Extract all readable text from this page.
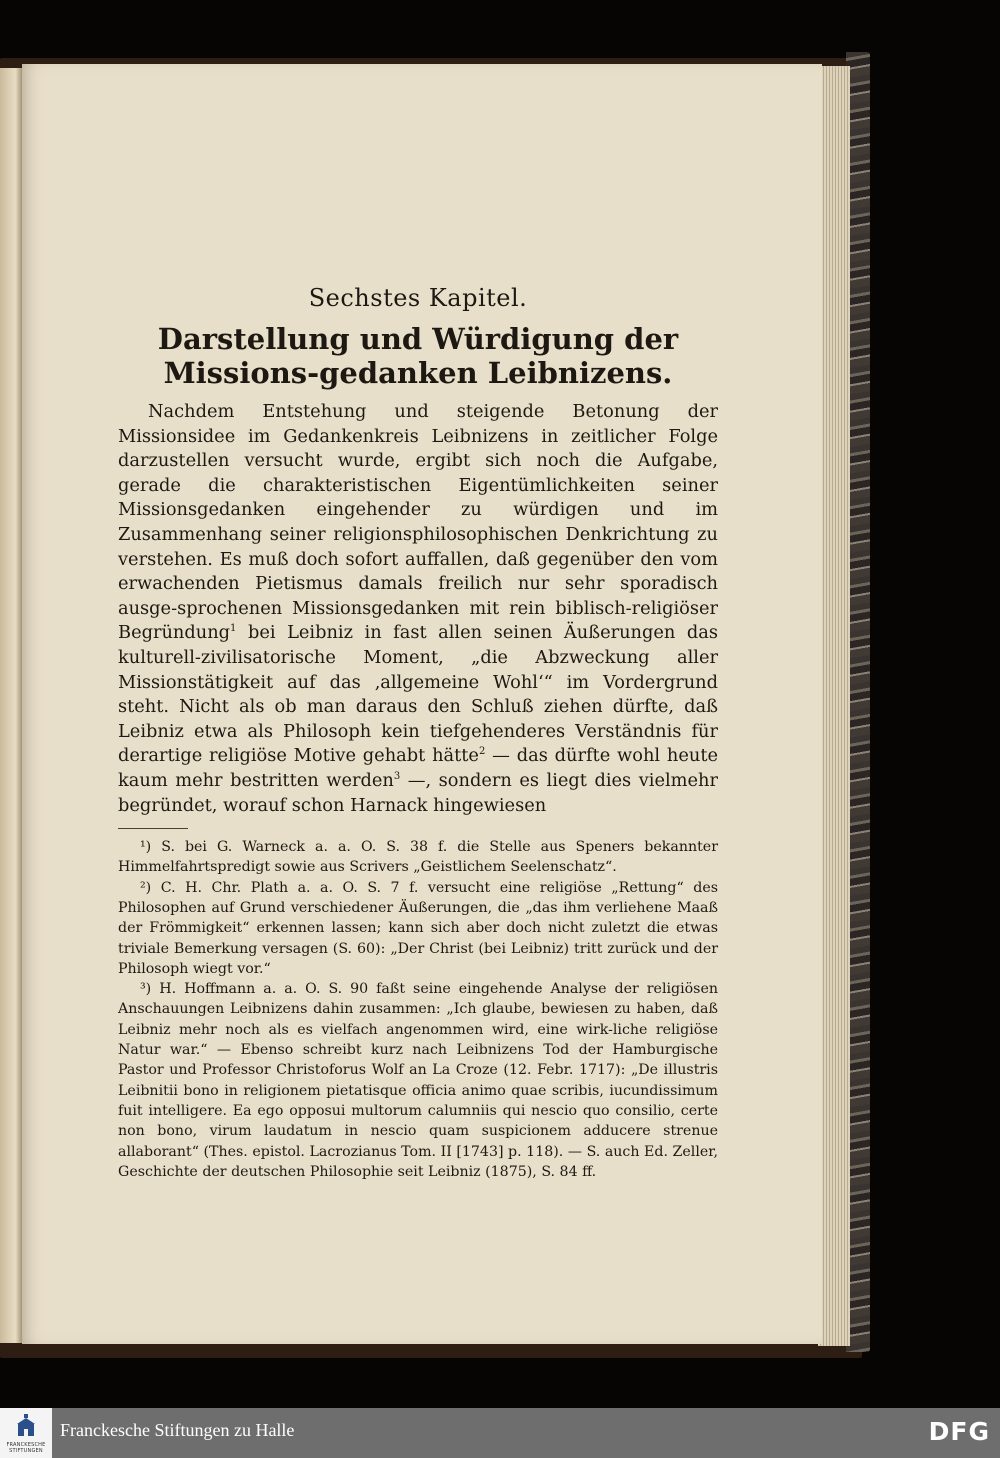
Sechstes Kapitel.
Darstellung und Würdigung der Missions-gedanken Leibnizens.

Nachdem Entstehung und steigende Betonung der Missionsidee im Gedankenkreis Leibnizens in zeitlicher Folge darzustellen versucht wurde, ergibt sich noch die Aufgabe, gerade die charakteristischen Eigentümlichkeiten seiner Missionsgedanken eingehender zu würdigen und im Zusammenhang seiner religionsphilosophischen Denkrichtung zu verstehen. Es muß doch sofort auffallen, daß gegenüber den vom erwachenden Pietismus damals freilich nur sehr sporadisch ausge-sprochenen Missionsgedanken mit rein biblisch-religiöser Begründung$^1$ bei Leibniz in fast allen seinen Äußerungen das kulturell-zivilisatorische Moment, „die Abzweckung aller Missionstätigkeit auf das ‚allgemeine Wohl‘“ im Vordergrund steht. Nicht als ob man daraus den Schluß ziehen dürfte, daß Leibniz etwa als Philosoph kein tiefgehenderes Verständnis für derartige religiöse Motive gehabt hätte$^2$ — das dürfte wohl heute kaum mehr bestritten werden$^3$ —, sondern es liegt dies vielmehr begründet, worauf schon Harnack hingewiesen

¹) S. bei G. Warneck a. a. O. S. 38 f. die Stelle aus Speners bekannter Himmelfahrtspredigt sowie aus Scrivers „Geistlichem Seelenschatz“.

²) C. H. Chr. Plath a. a. O. S. 7 f. versucht eine religiöse „Rettung“ des Philosophen auf Grund verschiedener Äußerungen, die „das ihm verliehene Maaß der Frömmigkeit“ erkennen lassen; kann sich aber doch nicht zuletzt die etwas triviale Bemerkung versagen (S. 60): „Der Christ (bei Leibniz) tritt zurück und der Philosoph wiegt vor.“

³) H. Hoffmann a. a. O. S. 90 faßt seine eingehende Analyse der religiösen Anschauungen Leibnizens dahin zusammen: „Ich glaube, bewiesen zu haben, daß Leibniz mehr noch als es vielfach angenommen wird, eine wirk-liche religiöse Natur war.“ — Ebenso schreibt kurz nach Leibnizens Tod der Hamburgische Pastor und Professor Christoforus Wolf an La Croze (12. Febr. 1717): „De illustris Leibnitii bono in religionem pietatisque officia animo quae scribis, iucundissimum fuit intelligere. Ea ego opposui multorum calumniis qui nescio quo consilio, certe non bono, virum laudatum in nescio quam suspicionem adducere strenue allaborant“ (Thes. epistol. Lacrozianus Tom. II [1743] p. 118). — S. auch Ed. Zeller, Geschichte der deutschen Philosophie seit Leibniz (1875), S. 84 ff.

FRANCKESCHE STIFTUNGEN
Franckesche Stiftungen zu Halle	DFG
